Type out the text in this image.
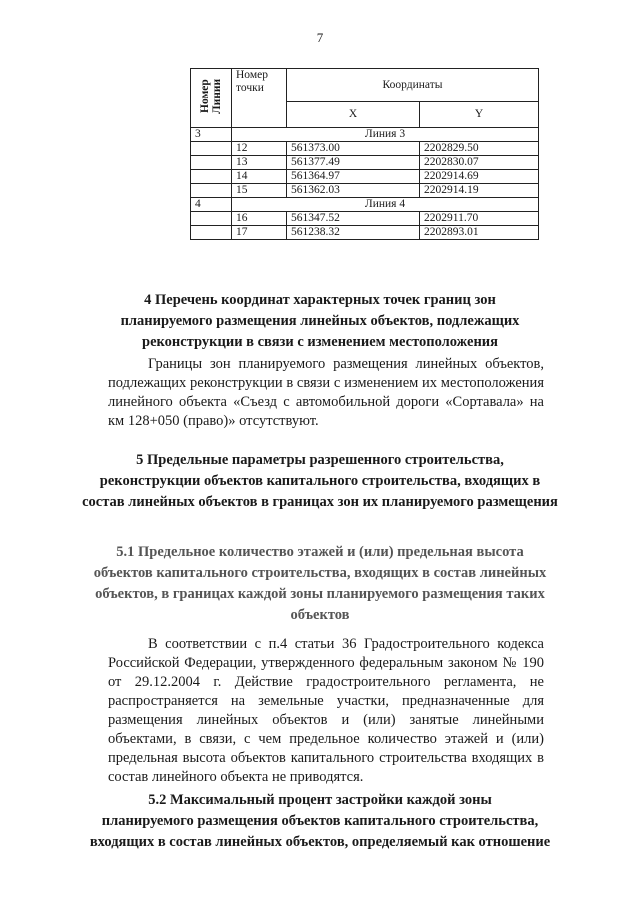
7
Номер Линии	Номер точки	Координаты	
		X	Y
3	Линия 3		
	12	561373.00	2202829.50
	13	561377.49	2202830.07
	14	561364.97	2202914.69
	15	561362.03	2202914.19
4	Линия 4		
	16	561347.52	2202911.70
	17	561238.32	2202893.01
4 Перечень координат характерных точек границ зон
планируемого размещения линейных объектов, подлежащих
реконструкции в связи с изменением местоположения
Границы зон планируемого размещения линейных объектов, подлежащих реконструкции в связи с изменением их местоположения линейного объекта «Съезд с автомобильной дороги «Сортавала» на км 128+050 (право)» отсутствуют.
5 Предельные параметры разрешенного строительства,
реконструкции объектов капитального строительства, входящих в
состав линейных объектов в границах зон их планируемого размещения
5.1 Предельное количество этажей и (или) предельная высота
объектов капитального строительства, входящих в состав линейных
объектов, в границах каждой зоны планируемого размещения таких
объектов
В соответствии с п.4 статьи 36 Градостроительного кодекса Российской Федерации, утвержденного федеральным законом № 190 от 29.12.2004 г. Действие градостроительного регламента, не распространяется на земельные участки, предназначенные для размещения линейных объектов и (или) занятые линейными объектами, в связи, с чем предельное количество этажей и (или) предельная высота объектов капитального строительства входящих в состав линейного объекта не приводятся.
5.2 Максимальный процент застройки каждой зоны
планируемого размещения объектов капитального строительства,
входящих в состав линейных объектов, определяемый как отношение
